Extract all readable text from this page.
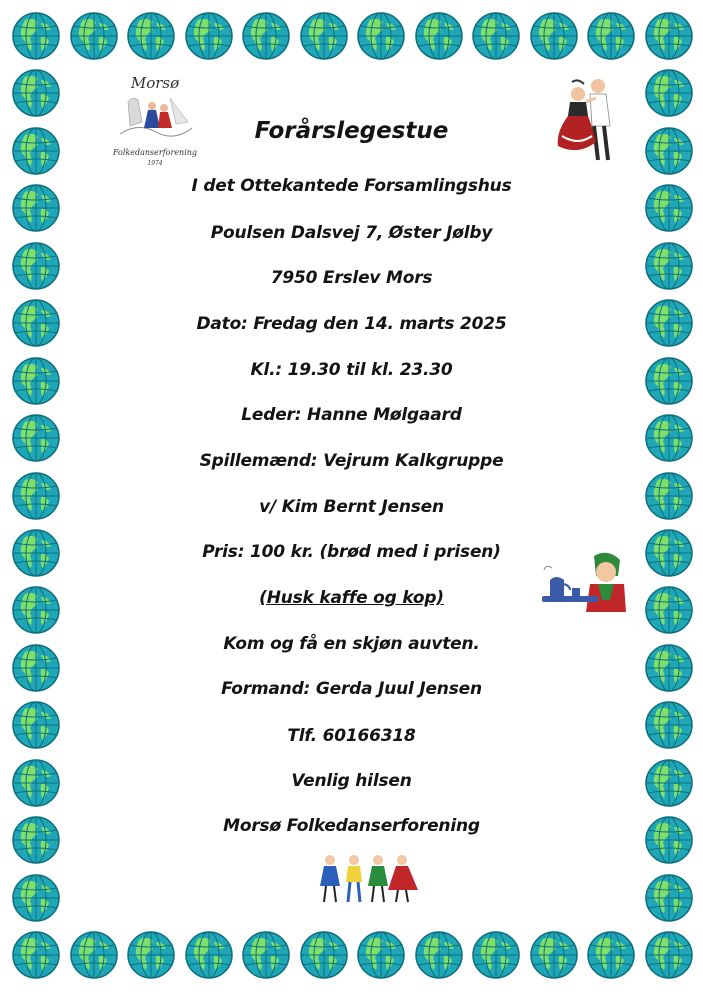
Morsø
Folkedanserforening
1974
Forårslegestue
I det Ottekantede Forsamlingshus
Poulsen Dalsvej 7, Øster Jølby
7950 Erslev Mors
Dato: Fredag den 14. marts 2025
Kl.: 19.30 til kl. 23.30
Leder: Hanne Mølgaard
Spillemænd: Vejrum Kalkgruppe
v/ Kim Bernt Jensen
Pris: 100 kr. (brød med i prisen)
(Husk kaffe og kop)
Kom og få en skjøn auvten.
Formand: Gerda Juul Jensen
Tlf. 60166318
Venlig hilsen
Morsø Folkedanserforening
